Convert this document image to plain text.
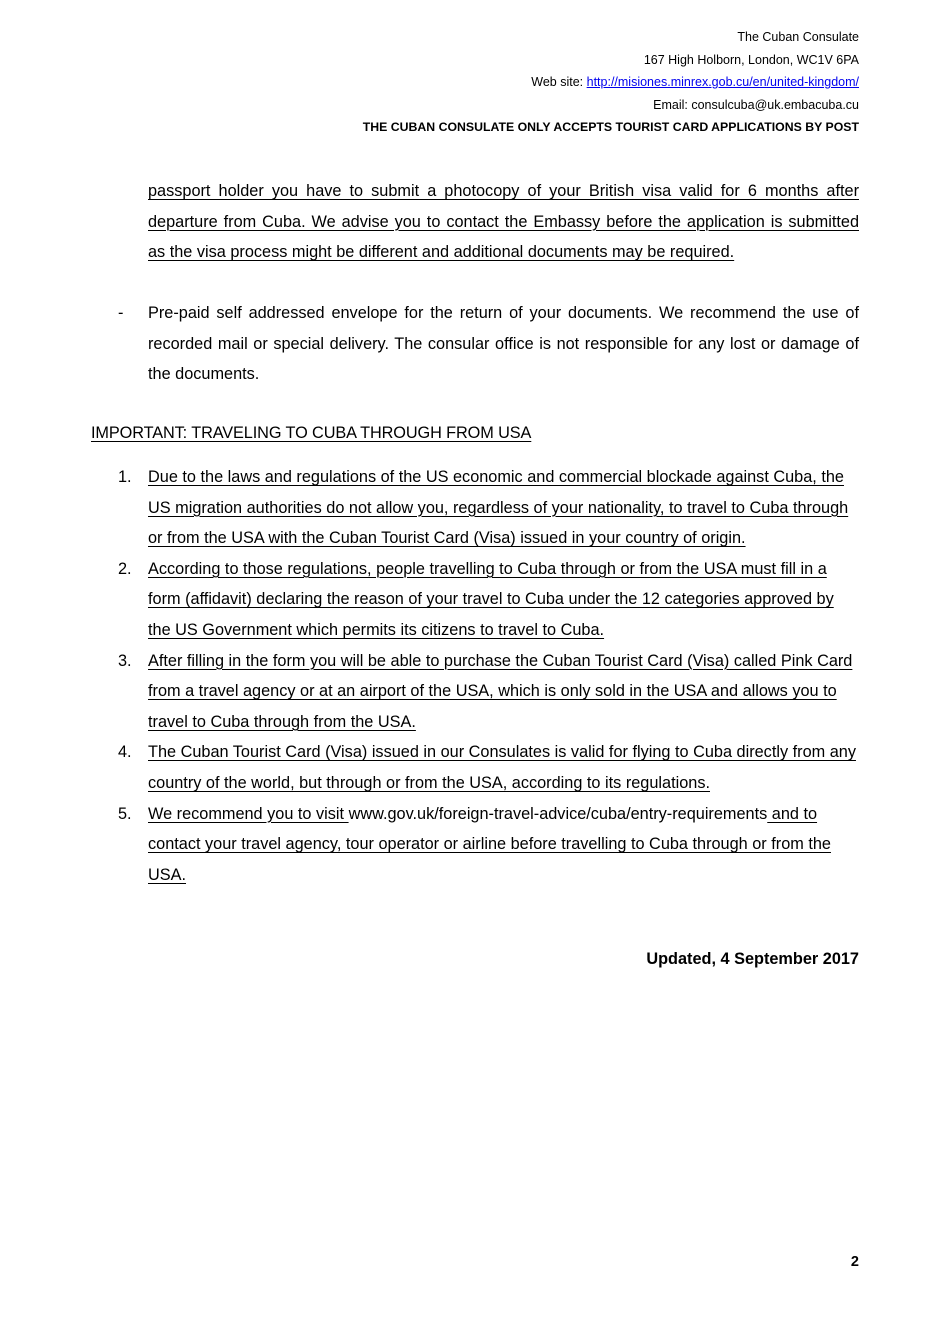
The Cuban Consulate
167 High Holborn, London, WC1V 6PA
Web site: http://misiones.minrex.gob.cu/en/united-kingdom/
Email: consulcuba@uk.embacuba.cu
THE CUBAN CONSULATE ONLY ACCEPTS TOURIST CARD APPLICATIONS BY POST
passport holder you have to submit a photocopy of your British visa valid for 6 months after departure from Cuba. We advise you to contact the Embassy before the application is submitted as the visa process might be different and additional documents may be required.
- Pre-paid self addressed envelope for the return of your documents. We recommend the use of recorded mail or special delivery. The consular office is not responsible for any lost or damage of the documents.
IMPORTANT: TRAVELING TO CUBA THROUGH FROM USA
1. Due to the laws and regulations of the US economic and commercial blockade against Cuba, the US migration authorities do not allow you, regardless of your nationality, to travel to Cuba through or from the USA with the Cuban Tourist Card (Visa) issued in your country of origin.
2. According to those regulations, people travelling to Cuba through or from the USA must fill in a form (affidavit) declaring the reason of your travel to Cuba under the 12 categories approved by the US Government which permits its citizens to travel to Cuba.
3. After filling in the form you will be able to purchase the Cuban Tourist Card (Visa) called Pink Card from a travel agency or at an airport of the USA, which is only sold in the USA and allows you to travel to Cuba through from the USA.
4. The Cuban Tourist Card (Visa) issued in our Consulates is valid for flying to Cuba directly from any country of the world, but through or from the USA, according to its regulations.
5. We recommend you to visit www.gov.uk/foreign-travel-advice/cuba/entry-requirements and to contact your travel agency, tour operator or airline before travelling to Cuba through or from the USA.
Updated, 4 September 2017
2
